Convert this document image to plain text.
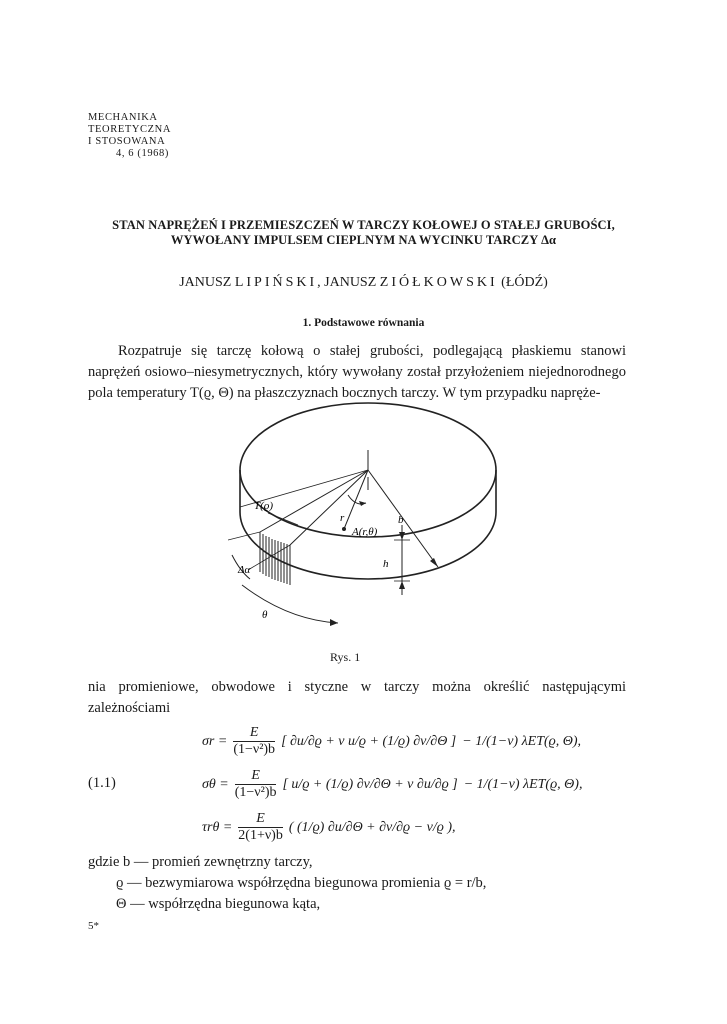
MECHANIKA
TEORETYCZNA
I STOSOWANA
4, 6 (1968)
STAN NAPRĘŻEŃ I PRZEMIESZCZEŃ W TARCZY KOŁOWEJ O STAŁEJ GRUBOŚCI,
WYWOŁANY IMPULSEM CIEPLNYM NA WYCINKU TARCZY Δα
JANUSZ LIPIŃSKI, JANUSZ ZIÓŁKOWSKI (ŁÓDŹ)
1. Podstawowe równania
Rozpatruje się tarczę kołową o stałej grubości, podlegającą płaskiemu stanowi naprężeń osiowo–niesymetrycznych, który wywołany został przyłożeniem niejednorodnego pola temperatury T(ϱ, Θ) na płaszczyznach bocznych tarczy. W tym przypadku napręże-
T(ϱ)
r
A(r,θ)
b
Δα
θ
h
Rys. 1
nia promieniowe, obwodowe i styczne w tarczy można określić następującymi zależnościami
(1.1)
σr =	
E
(1−ν²)b
	[ ∂u/∂ϱ + ν u/ϱ + (1/ϱ) ∂v/∂Θ ]	− 1/(1−ν) λET(ϱ, Θ),
σθ =	
E
(1−ν²)b
	[ u/ϱ + (1/ϱ) ∂v/∂Θ + ν ∂u/∂ϱ ]	− 1/(1−ν) λET(ϱ, Θ),
τrθ =	
E
2(1+ν)b
	( (1/ϱ) ∂u/∂Θ + ∂v/∂ϱ − v/ϱ ),
gdzie b — promień zewnętrzny tarczy,
ϱ — bezwymiarowa współrzędna biegunowa promienia ϱ = r/b,
Θ — współrzędna biegunowa kąta,
5*
